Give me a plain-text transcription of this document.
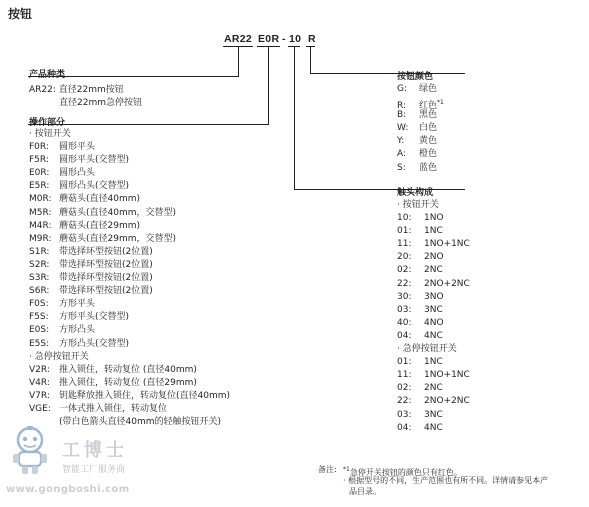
按钮
AR22 E0R - 10 R
产品种类
AR22: 直径22mm按钮
直径22mm急停按钮
操作部分
· 按钮开关
F0R: 圆形平头
F5R: 圆形平头(交替型)
E0R: 圆形凸头
E5R: 圆形凸头(交替型)
M0R: 蘑菇头(直径40mm)
M5R: 蘑菇头(直径40mm，交替型)
M4R: 蘑菇头(直径29mm)
M9R: 蘑菇头(直径29mm，交替型)
S1R: 带选择环型按钮(2位置)
S2R: 带选择环型按钮(2位置)
S3R: 带选择环型按钮(2位置)
S6R: 带选择环型按钮(2位置)
F0S: 方形平头
F5S: 方形平头(交替型)
E0S: 方形凸头
E5S: 方形凸头(交替型)
· 急停按钮开关
V2R: 推入锁住，转动复位 (直径40mm)
V4R: 推入锁住，转动复位 (直径29mm)
V7R: 钥匙释放推入锁住，转动复位(直径40mm)
VGE: 一体式推入锁住，转动复位
(带白色箭头直径40mm的轻触按钮开关)
按钮颜色
G: 绿色
R: 红色$^{*1}$
B: 黑色
W: 白色
Y: 黄色
A: 橙色
S: 蓝色
触头构成
· 按钮开关
10: 1NO
01: 1NC
11: 1NO+1NC
20: 2NO
02: 2NC
22: 2NO+2NC
30: 3NO
03: 3NC
40: 4NO
04: 4NC
· 急停按钮开关
01: 1NC
11: 1NO+1NC
02: 2NC
22: 2NO+2NC
03: 3NC
04: 4NC
备注: $^{*1}$急停开关按钮的颜色只有红色。
· 根据型号的不同，生产范围也有所不同。详情请参见本产
品目录。
工博士
智能工厂服务商
www.gongboshi.com
